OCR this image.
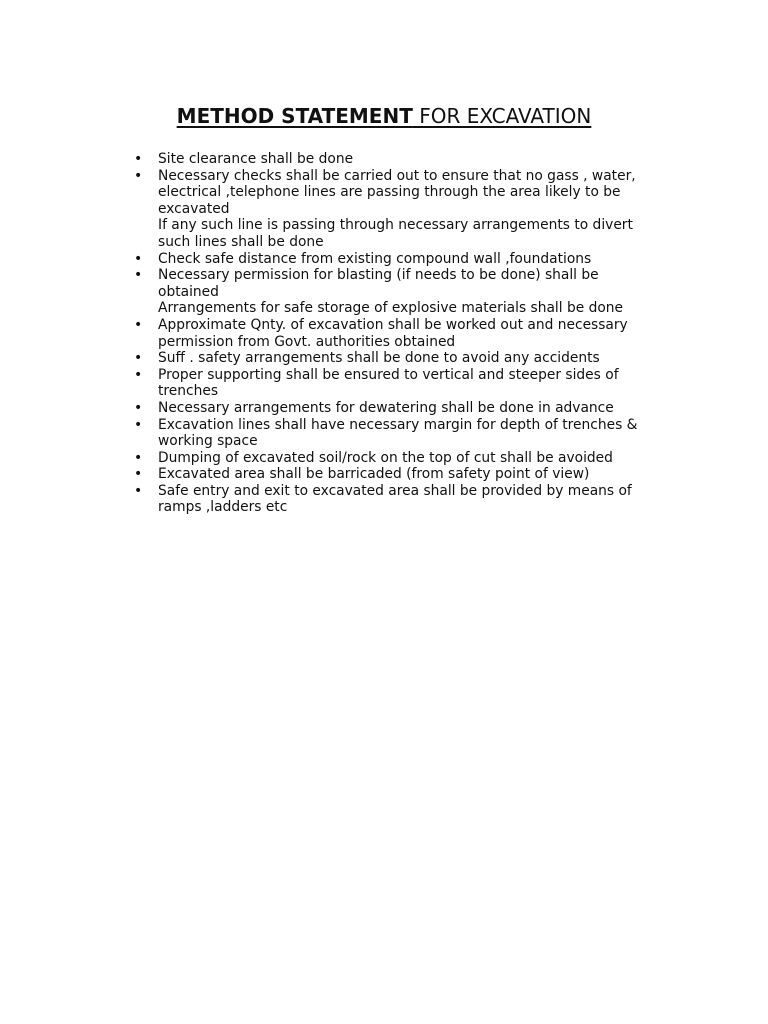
METHOD STATEMENT FOR EXCAVATION
• Site clearance shall be done
• Necessary checks shall be carried out to ensure that no gass , water,
electrical ,telephone lines are passing through the area likely to be
excavated
If any such line is passing through necessary arrangements to divert
such lines shall be done
• Check safe distance from existing compound wall ,foundations
• Necessary permission for blasting (if needs to be done) shall be
obtained
Arrangements for safe storage of explosive materials shall be done
• Approximate Qnty. of excavation shall be worked out and necessary
permission from Govt. authorities obtained
• Suff . safety arrangements shall be done to avoid any accidents
• Proper supporting shall be ensured to vertical and steeper sides of
trenches
• Necessary arrangements for dewatering shall be done in advance
• Excavation lines shall have necessary margin for depth of trenches &
working space
• Dumping of excavated soil/rock on the top of cut shall be avoided
• Excavated area shall be barricaded (from safety point of view)
• Safe entry and exit to excavated area shall be provided by means of
ramps ,ladders etc
